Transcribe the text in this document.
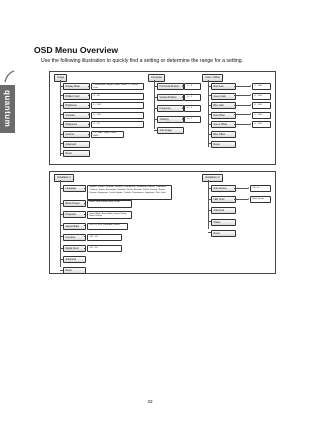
quantum
OSD Menu Overview
Use the following illustration to quickly find a setting or determine the range for a setting.
Image
Display Mode	Presentation, Bright, Game, Movie, TV, sRGB, User
Brilliant Color	0 ~ 10
Brightness	0 ~ 100
Contrast	0 ~ 100
Sharpness	0 ~ 31
Gamma	PC, MAC, Video, Chart, B&W
Advanced
Reset
Computer
Horizontal Position	-5 ~ 5
Vertical Position	-5 ~ 5
Frequency	-5 ~ 5
Tracking	-5 ~ 5
Auto Image
Color / White
Red Gain	0 ~ 100
Green Gain	0 ~ 100
Blue Gain	0 ~ 100
Red Offset	0 ~ 100
Green Offset	0 ~ 100
Blue Offset
Reset
Installation I
Language	English, French, German, Spanish, Portuguese, Simplified Chinese, Traditional Chinese, Italian, Norwegian, Swedish, Dutch, Russian, Polish, Finnish, Greek, Korean, Hungarian, Czech, Arabic, Turkish, Vietnamese, Japanese, Thai, Farsi
Blank Screen	Black, Red, Green, Blue, White
Projection	Front-Table, Rear-Table, Front-Ceiling, Rear-Ceiling
Aspect Ratio	Fill, 4:3, 16:9, Letterbox, Native
Keystone	-40 ~ 40
Digital Zoom	-10 ~ 10
Advanced
Reset
Installation II
Auto Source	Off, On
LED Color	Red, Green
Advanced
Status
Reset
22
